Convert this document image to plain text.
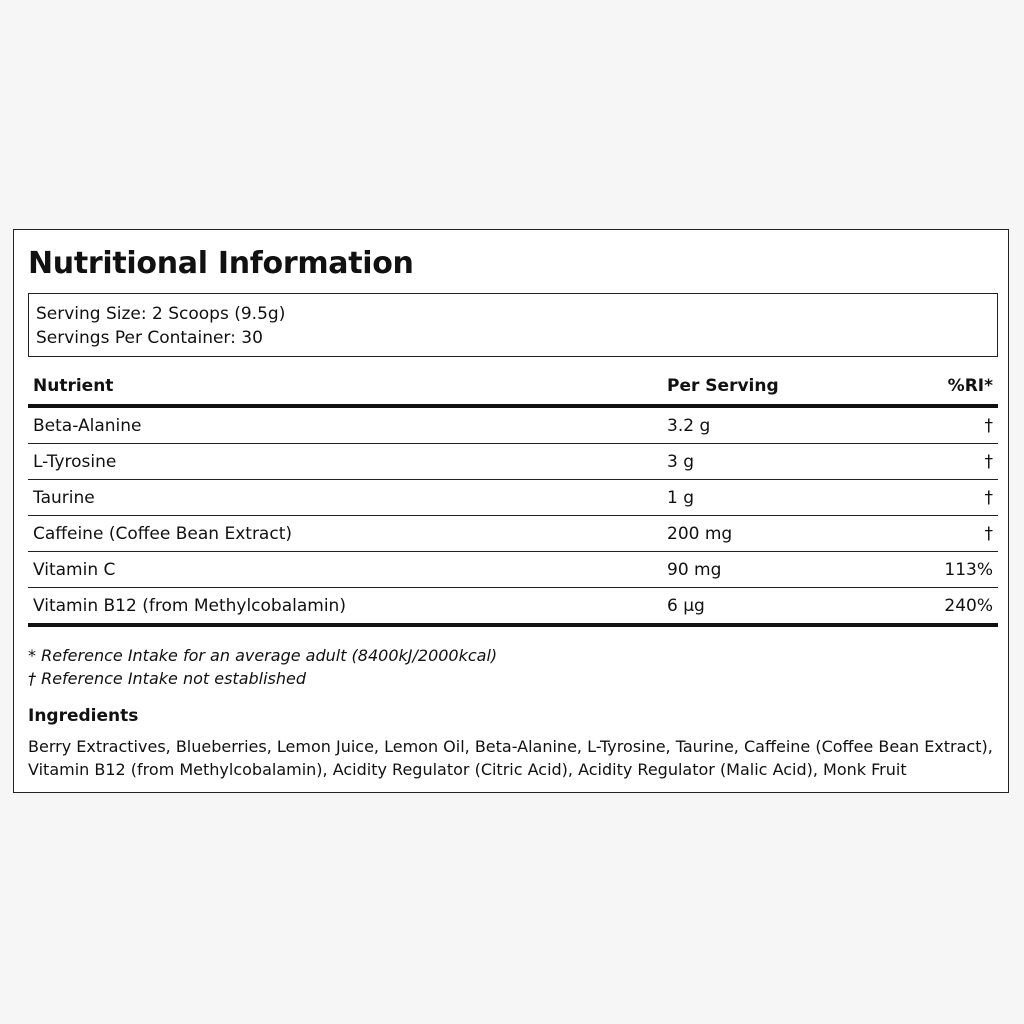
Nutritional Information
Serving Size: 2 Scoops (9.5g)
Servings Per Container: 30
Nutrient	Per Serving	%RI*
Beta-Alanine	3.2 g	†
L-Tyrosine	3 g	†
Taurine	1 g	†
Caffeine (Coffee Bean Extract)	200 mg	†
Vitamin C	90 mg	113%
Vitamin B12 (from Methylcobalamin)	6 µg	240%
* Reference Intake for an average adult (8400kJ/2000kcal)
† Reference Intake not established
Ingredients

Berry Extractives, Blueberries, Lemon Juice, Lemon Oil, Beta-Alanine, L-Tyrosine, Taurine, Caffeine (Coffee Bean Extract), Vitamin B12 (from Methylcobalamin), Acidity Regulator (Citric Acid), Acidity Regulator (Malic Acid), Monk Fruit
